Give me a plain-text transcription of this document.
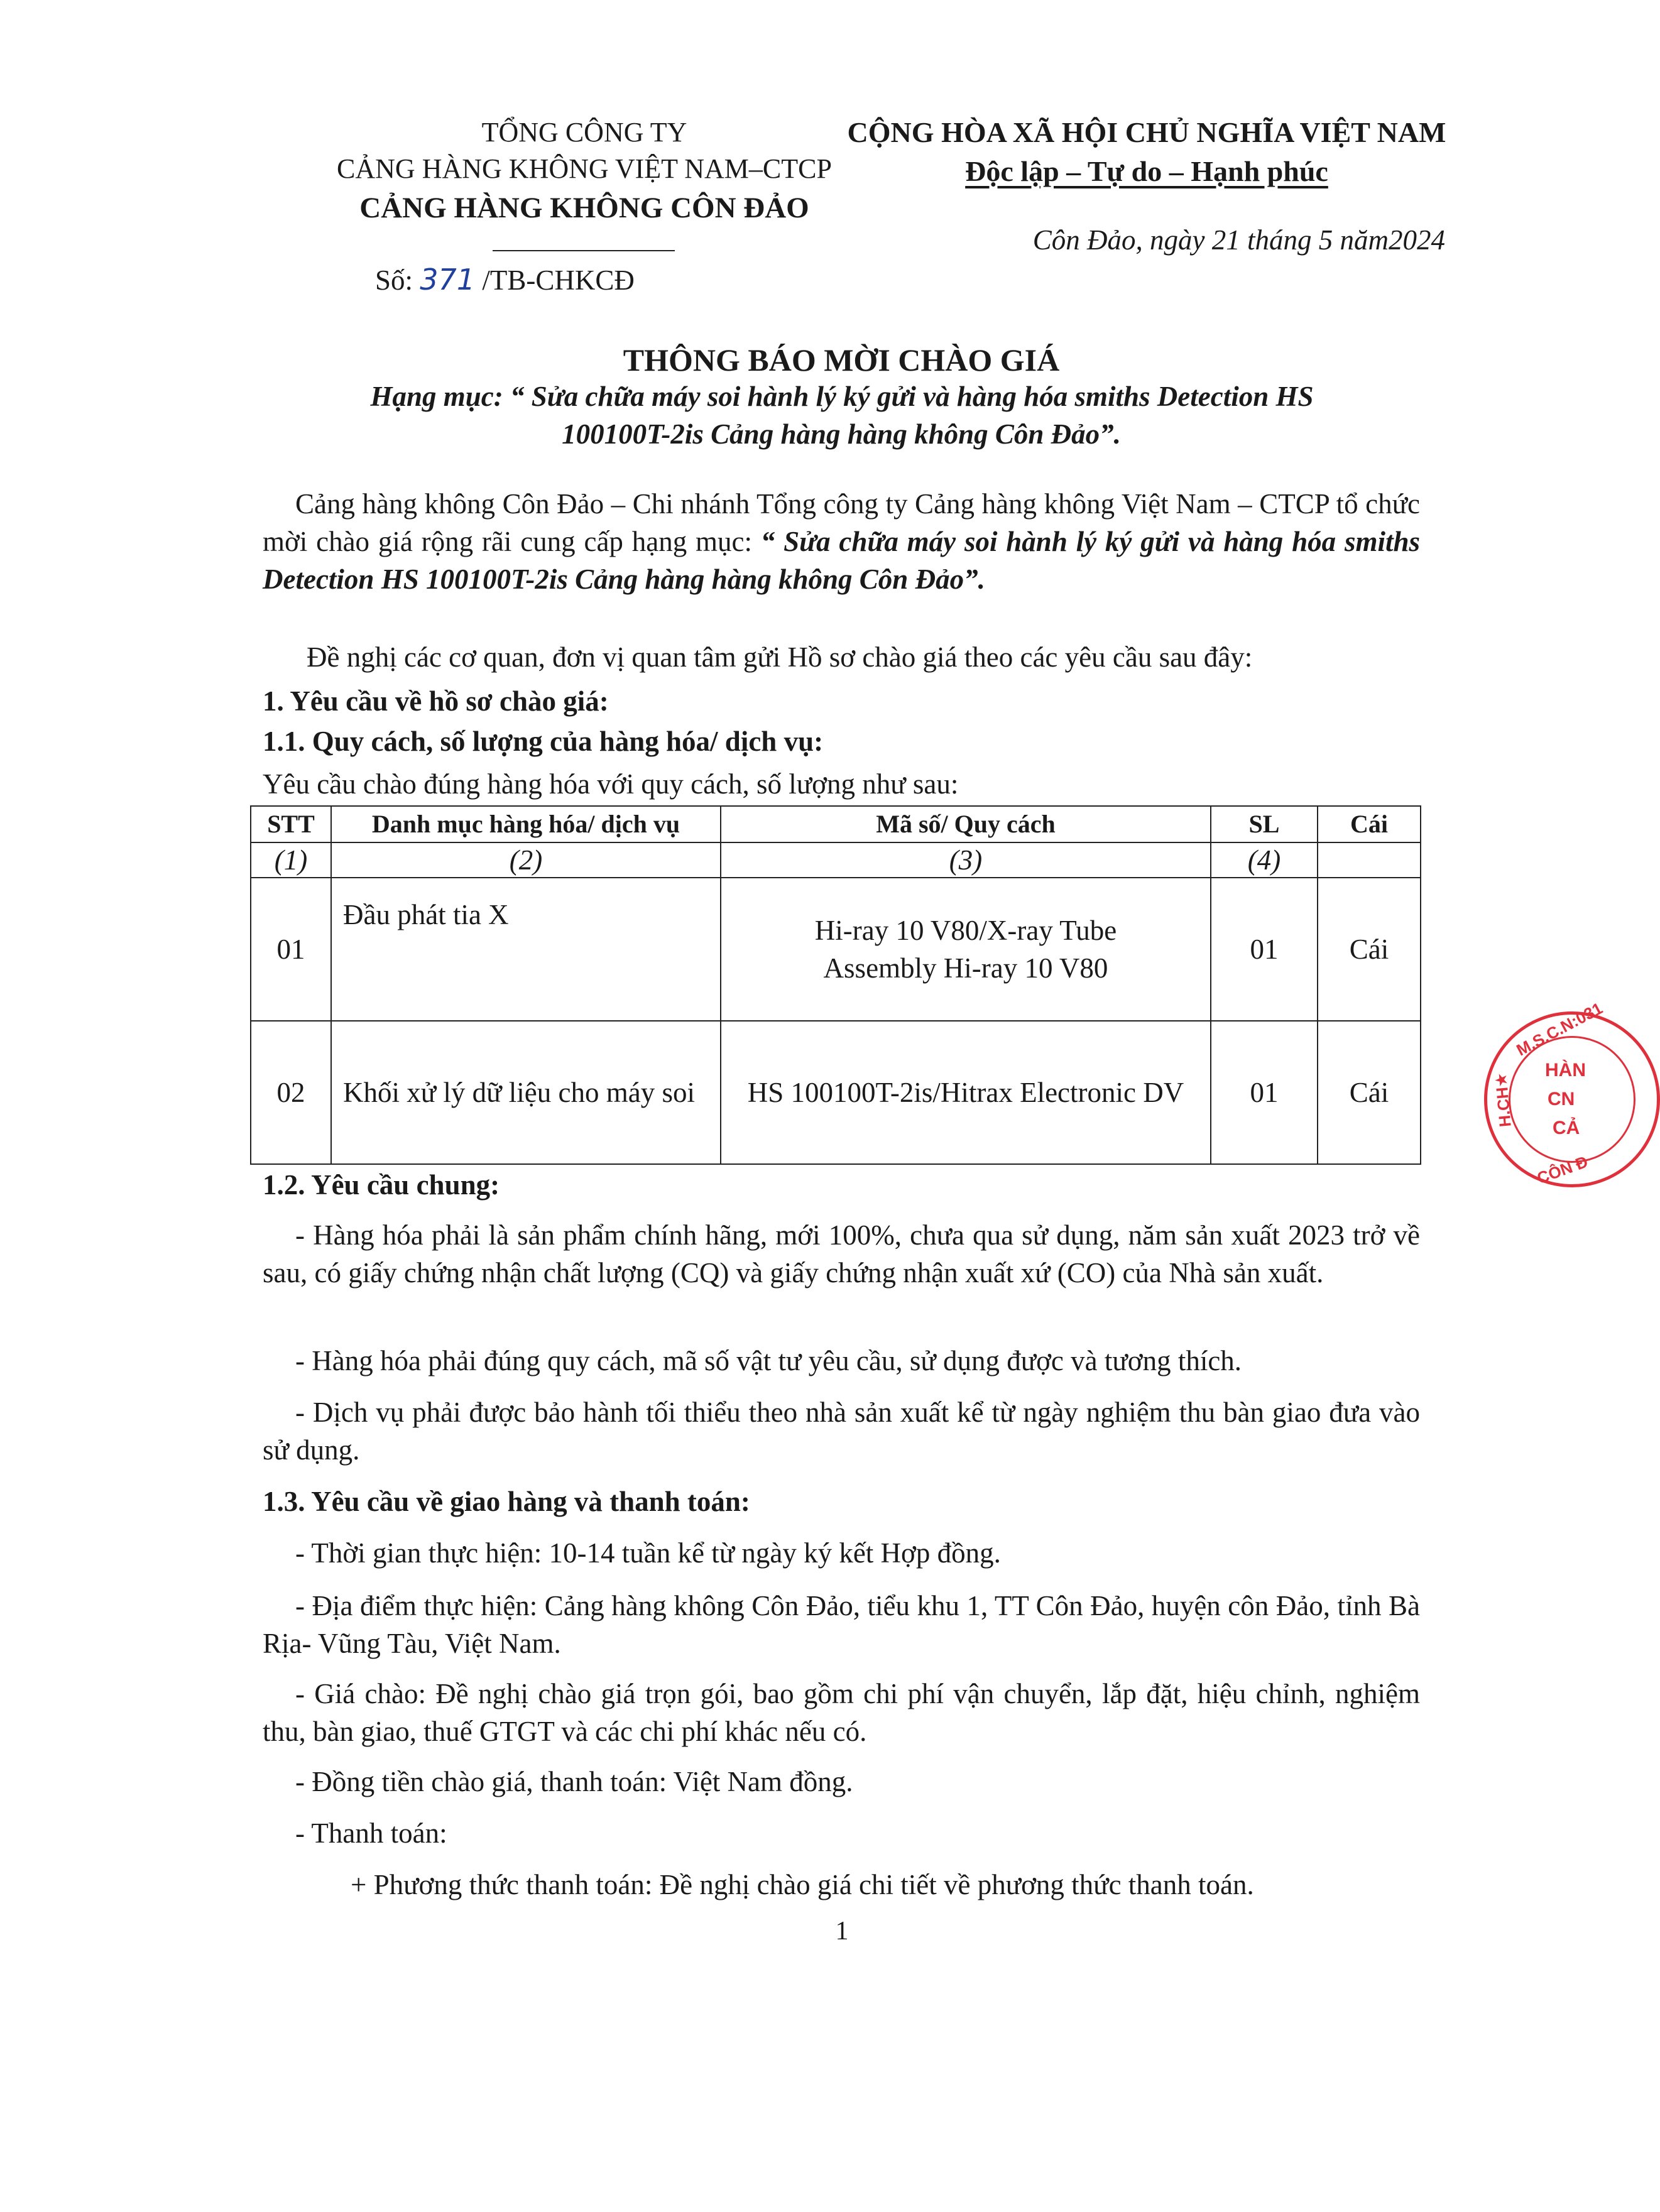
TỔNG CÔNG TY
CẢNG HÀNG KHÔNG VIỆT NAM–CTCP
CẢNG HÀNG KHÔNG CÔN ĐẢO
Số: 371 /TB-CHKCĐ
CỘNG HÒA XÃ HỘI CHỦ NGHĨA VIỆT NAM
Độc lập – Tự do – Hạnh phúc
Côn Đảo, ngày 21 tháng 5 năm2024
THÔNG BÁO MỜI CHÀO GIÁ
Hạng mục: “ Sửa chữa máy soi hành lý ký gửi và hàng hóa smiths Detection HS
100100T-2is Cảng hàng hàng không Côn Đảo”.
Cảng hàng không Côn Đảo – Chi nhánh Tổng công ty Cảng hàng không Việt Nam – CTCP tổ chức mời chào giá rộng rãi cung cấp hạng mục: “ Sửa chữa máy soi hành lý ký gửi và hàng hóa smiths Detection HS 100100T-2is Cảng hàng hàng không Côn Đảo”.
Đề nghị các cơ quan, đơn vị quan tâm gửi Hồ sơ chào giá theo các yêu cầu sau đây:
1. Yêu cầu về hồ sơ chào giá:
1.1. Quy cách, số lượng của hàng hóa/ dịch vụ:
Yêu cầu chào đúng hàng hóa với quy cách, số lượng như sau:
STT	Danh mục hàng hóa/ dịch vụ	Mã số/ Quy cách	SL	Cái
(1)	(2)	(3)	(4)	
01	Đầu phát tia X	Hi-ray 10 V80/X-ray Tube Assembly Hi-ray 10 V80	01	Cái
02	Khối xử lý dữ liệu cho máy soi	HS 100100T-2is/Hitrax Electronic DV	01	Cái
1.2. Yêu cầu chung:
- Hàng hóa phải là sản phẩm chính hãng, mới 100%, chưa qua sử dụng, năm sản xuất 2023 trở về sau, có giấy chứng nhận chất lượng (CQ) và giấy chứng nhận xuất xứ (CO) của Nhà sản xuất.
- Hàng hóa phải đúng quy cách, mã số vật tư yêu cầu, sử dụng được và tương thích.
- Dịch vụ phải được bảo hành tối thiểu theo nhà sản xuất kể từ ngày nghiệm thu bàn giao đưa vào sử dụng.
1.3. Yêu cầu về giao hàng và thanh toán:
- Thời gian thực hiện: 10-14 tuần kể từ ngày ký kết Hợp đồng.
- Địa điểm thực hiện: Cảng hàng không Côn Đảo, tiểu khu 1, TT Côn Đảo, huyện côn Đảo, tỉnh Bà Rịa- Vũng Tàu, Việt Nam.
- Giá chào: Đề nghị chào giá trọn gói, bao gồm chi phí vận chuyển, lắp đặt, hiệu chỉnh, nghiệm thu, bàn giao, thuế GTGT và các chi phí khác nếu có.
- Đồng tiền chào giá, thanh toán: Việt Nam đồng.
- Thanh toán:
+ Phương thức thanh toán: Đề nghị chào giá chi tiết về phương thức thanh toán.
1
M.S.C.N:031
H.CH★
HÀN
CN
CẢ
CÔN Đ
